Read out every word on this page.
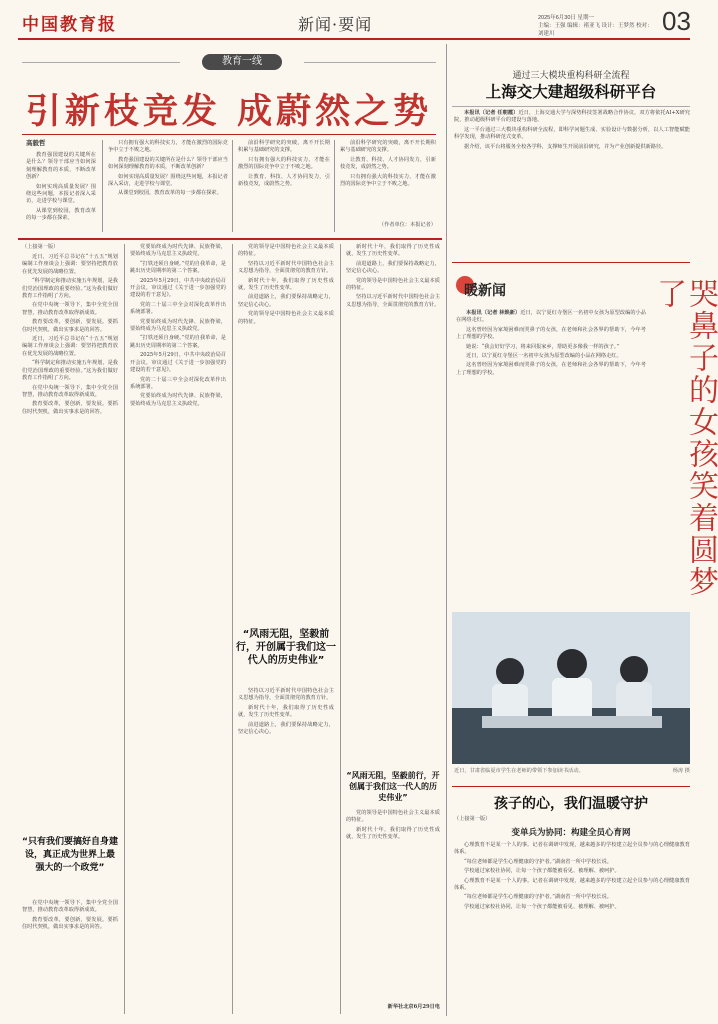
中国教育报	新闻·要闻	2025年6月30日 星期一
主编：王强 编辑：褚亚飞 设计：王梦然 校对：刘建川	03
教育一线
引新枝竞发 成蔚然之势
高毅哲

教育强国建设的关键所在是什么？领导干部应当如何深刻理解教育的本质，不断改革创新？

如何实现高质量发展？围绕这些问题，本报记者深入采访，走进学校与课堂。

从课堂到校园，教育改革的每一步都在探索。

只有拥有强大的科技实力，才能在激烈的国际竞争中立于不败之地。

教育强国建设的关键所在是什么？领导干部应当如何深刻理解教育的本质，不断改革创新？

如何实现高质量发展？围绕这些问题，本报记者深入采访，走进学校与课堂。

从课堂到校园，教育改革的每一步都在探索。

前沿科学研究的突破，离不开长期积累与基础研究的支撑。

只有拥有强大的科技实力，才能在激烈的国际竞争中立于不败之地。

让教育、科技、人才协同发力，引新枝竞发，成蔚然之势。

前沿科学研究的突破，离不开长期积累与基础研究的支撑。

让教育、科技、人才协同发力，引新枝竞发，成蔚然之势。

只有拥有强大的科技实力，才能在激烈的国际竞争中立于不败之地。

（作者单位：本报记者）
通过三大模块重构科研全流程
上海交大建超级科研平台

本报讯（记者 任朝霞）近日，上海交通大学与深势科技签署战略合作协议，双方将依托AI+X研究院，推动超级科研平台的建设与落地。

这一平台通过三大模块重构科研全流程，即科学问题生成、实验设计与数据分析，以人工智能赋能科学发现，推动科研范式变革。

据介绍，该平台将服务全校各学科，支撑师生开展前沿研究，并为产业创新提供新路径。

暖新闻

本报讯（记者 林焕新）近日，以宁夏红寺堡区一名初中女孩为原型改编的小品在网络走红。

这名曾经因为家境困难而哭鼻子的女孩，在老师和社会各界的帮助下，今年考上了理想的学校。

她说：“我会好好学习，将来回报家乡，帮助更多像我一样的孩子。”

近日，以宁夏红寺堡区一名初中女孩为原型改编的小品在网络走红。

这名曾经因为家境困难而哭鼻子的女孩，在老师和社会各界的帮助下，今年考上了理想的学校。	哭鼻子的女孩笑着圆梦了
近日，甘肃省临夏市学生在老师的带领下参加读书活动。	杨涛 摄
孩子的心，我们温暖守护
（上接第一版）
变单兵为协同：构建全员心育网

心理教育不是某一个人的事。记者在调研中发现，越来越多的学校建立起全员参与的心理健康教育体系。

“每位老师都是学生心理健康的守护者。”湖南省一所中学校长说。

学校通过家校社协同，让每一个孩子都能被看见、被理解、被呵护。

心理教育不是某一个人的事。记者在调研中发现，越来越多的学校建立起全员参与的心理健康教育体系。

“每位老师都是学生心理健康的守护者。”湖南省一所中学校长说。

学校通过家校社协同，让每一个孩子都能被看见、被理解、被呵护。

（上接第一版）

近日，习近平总书记在“十五五”规划编制工作座谈会上强调：要坚持把教育放在优先发展的战略位置。

“科学制定和推动实施五年规划，是我们党治国理政的重要经验。”这为我们做好教育工作指明了方向。

在党中央统一领导下，集中全党全国智慧，推动教育改革取得新成效。

教育要改革，要创新，要发展。要抓住时代契机，做出实事求是的回答。

近日，习近平总书记在“十五五”规划编制工作座谈会上强调：要坚持把教育放在优先发展的战略位置。

“科学制定和推动实施五年规划，是我们党治国理政的重要经验。”这为我们做好教育工作指明了方向。

在党中央统一领导下，集中全党全国智慧，推动教育改革取得新成效。

教育要改革，要创新，要发展。要抓住时代契机，做出实事求是的回答。

“只有我们要搞好自身建设，真正成为世界上最强大的一个政党”

在党中央统一领导下，集中全党全国智慧，推动教育改革取得新成效。

教育要改革，要创新，要发展。要抓住时代契机，做出实事求是的回答。

党要始终成为时代先锋、民族脊梁，要始终成为马克思主义执政党。

“打铁还须自身硬。”党的自我革命，是跳出历史周期率的第二个答案。

2025年5月29日，中共中央政治局召开会议，审议通过《关于进一步加强党的建设的若干意见》。

党的二十届三中全会对深化改革作出系统部署。

党要始终成为时代先锋、民族脊梁，要始终成为马克思主义执政党。

“打铁还须自身硬。”党的自我革命，是跳出历史周期率的第二个答案。

2025年5月29日，中共中央政治局召开会议，审议通过《关于进一步加强党的建设的若干意见》。

党的二十届三中全会对深化改革作出系统部署。

党要始终成为时代先锋、民族脊梁，要始终成为马克思主义执政党。

党的领导是中国特色社会主义最本质的特征。

坚持以习近平新时代中国特色社会主义思想为指导，全面贯彻党的教育方针。

新时代十年，我们取得了历史性成就，发生了历史性变革。

前进道路上，我们要保持战略定力，坚定信心决心。

党的领导是中国特色社会主义最本质的特征。

“风雨无阻，坚毅前行，开创属于我们这一代人的历史伟业”

坚持以习近平新时代中国特色社会主义思想为指导，全面贯彻党的教育方针。

新时代十年，我们取得了历史性成就，发生了历史性变革。

前进道路上，我们要保持战略定力，坚定信心决心。

新时代十年，我们取得了历史性成就，发生了历史性变革。

前进道路上，我们要保持战略定力，坚定信心决心。

党的领导是中国特色社会主义最本质的特征。

坚持以习近平新时代中国特色社会主义思想为指导，全面贯彻党的教育方针。

“风雨无阻，坚毅前行，开创属于我们这一代人的历史伟业”

党的领导是中国特色社会主义最本质的特征。

新时代十年，我们取得了历史性成就，发生了历史性变革。

新华社北京6月29日电
